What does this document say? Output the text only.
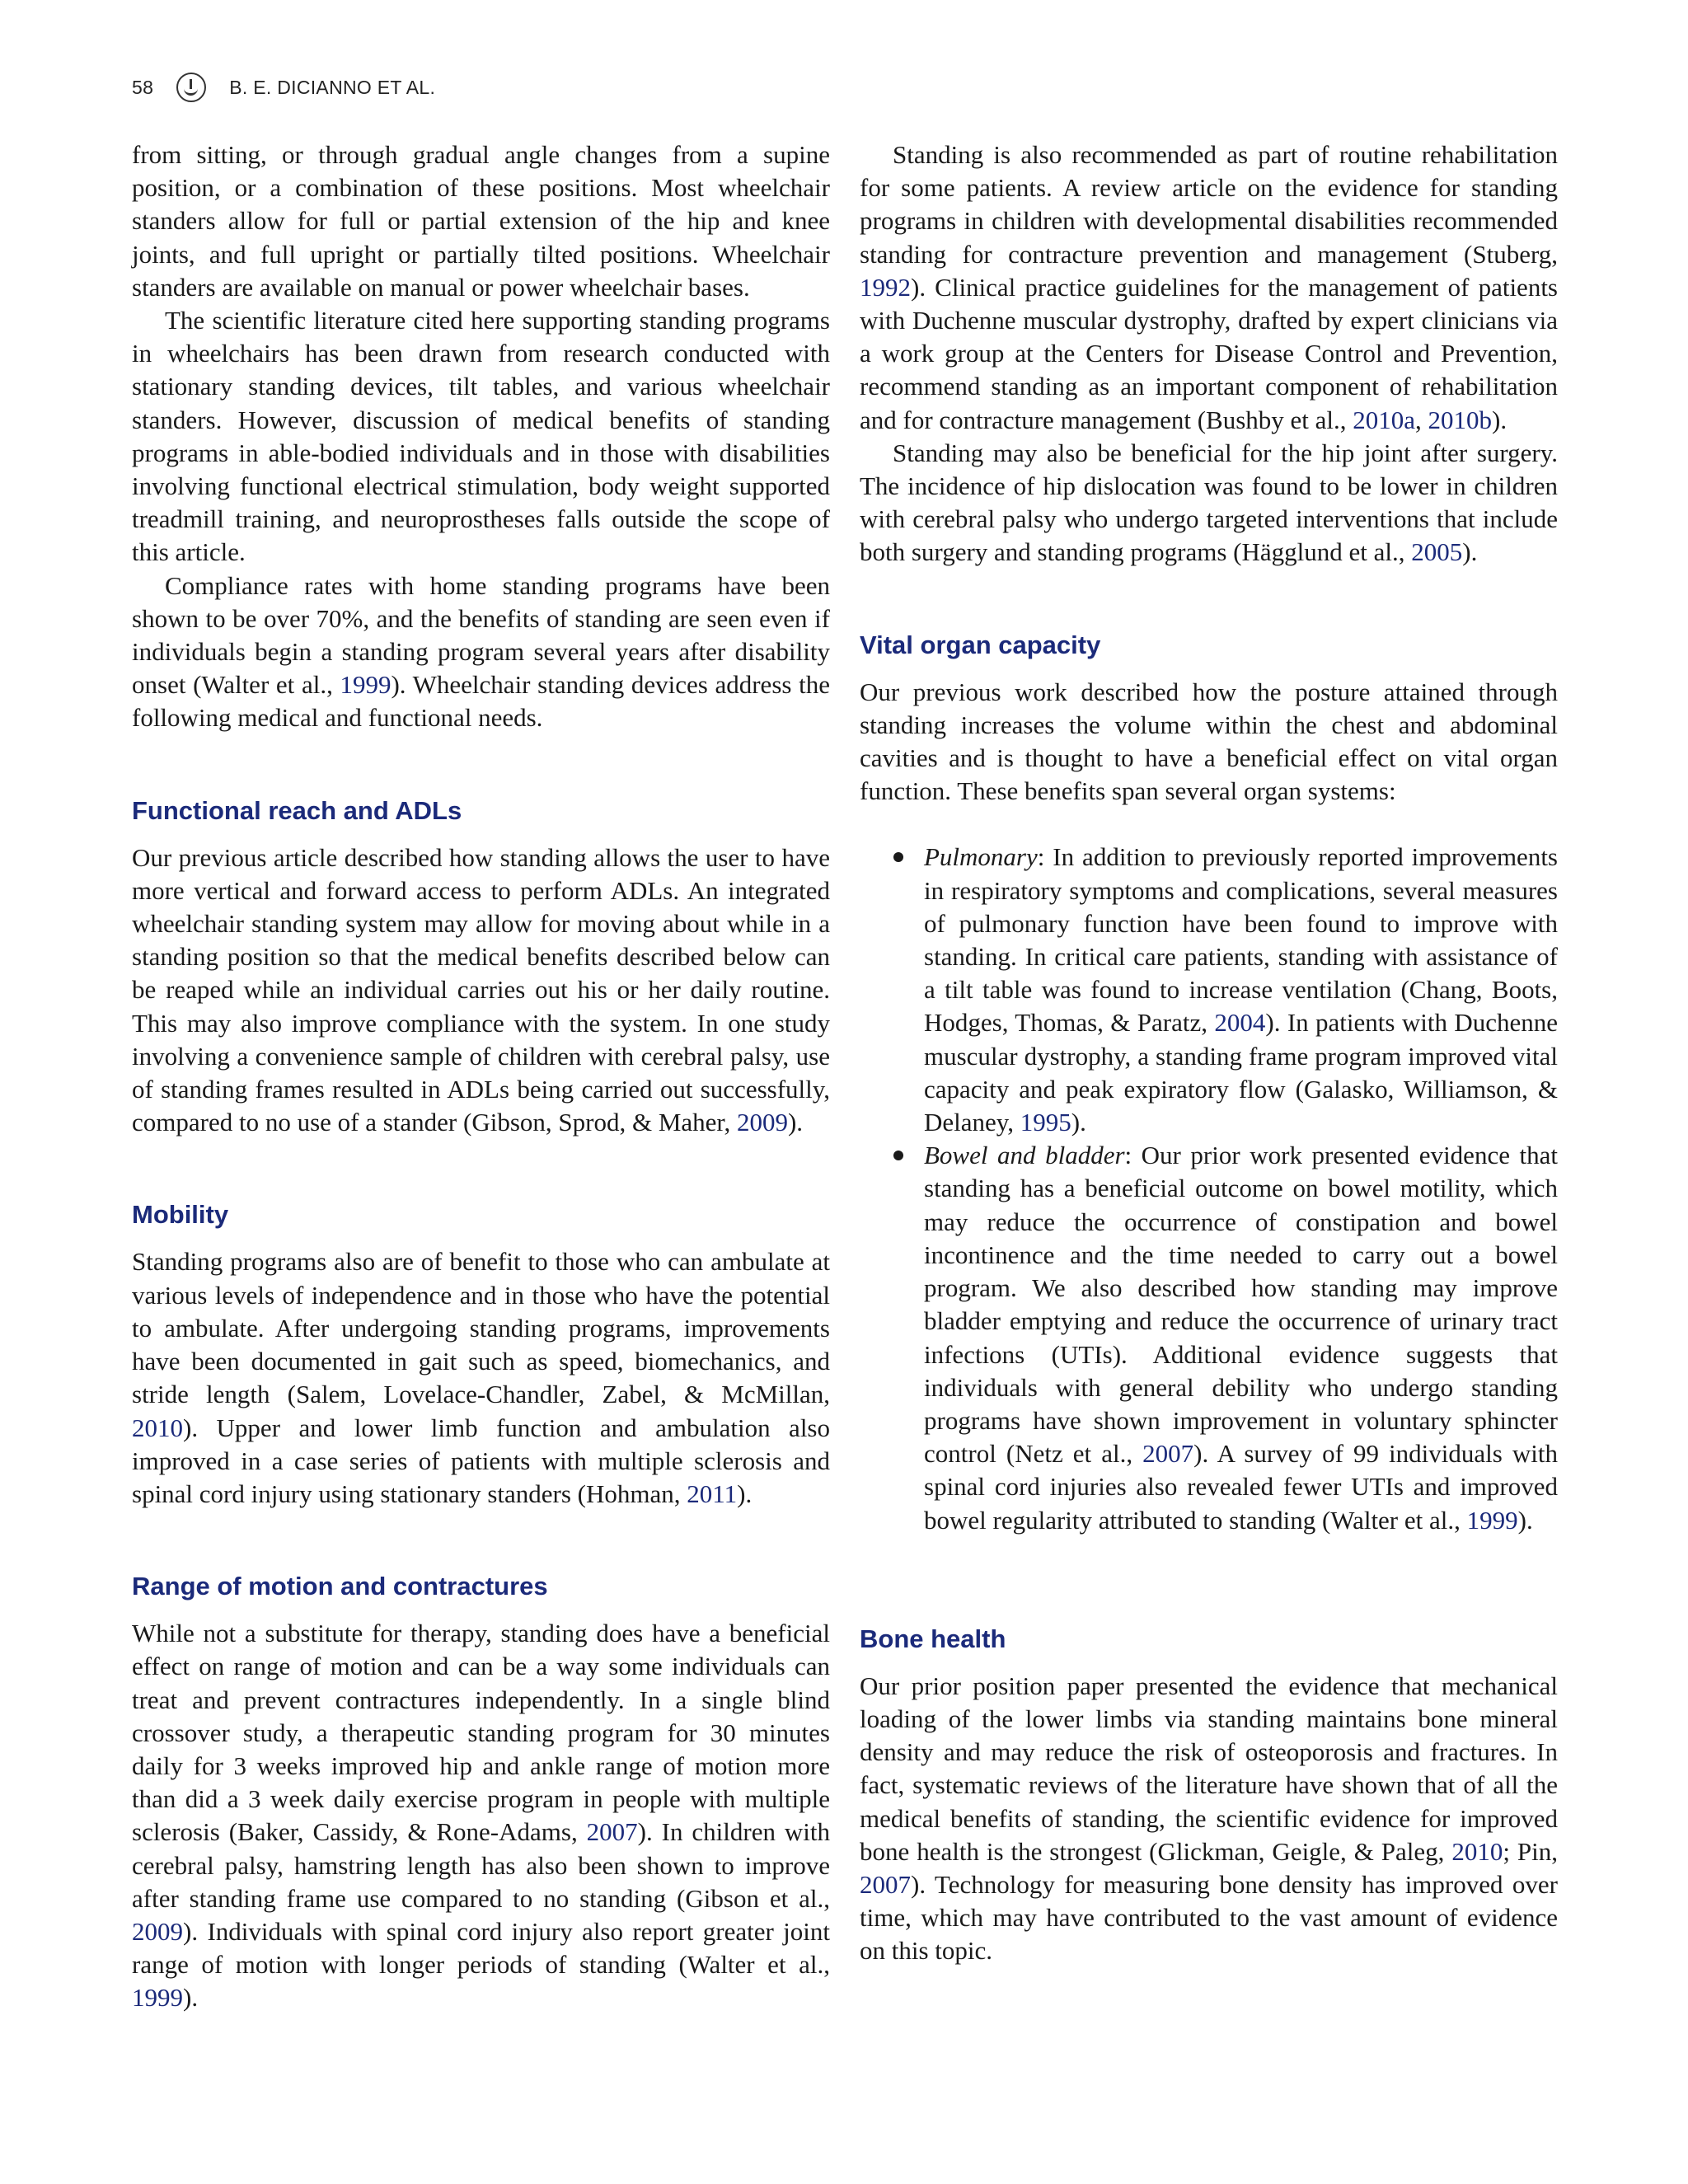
58	B. E. DICIANNO ET AL.

from sitting, or through gradual angle changes from a supine position, or a combination of these positions. Most wheelchair standers allow for full or partial extension of the hip and knee joints, and full upright or partially tilted positions. Wheelchair standers are available on manual or power wheelchair bases.

The scientific literature cited here supporting standing programs in wheelchairs has been drawn from research conducted with stationary standing devices, tilt tables, and various wheelchair standers. However, discussion of medical benefits of standing programs in able-bodied individuals and in those with disabilities involving functional electrical stimulation, body weight supported treadmill training, and neuroprostheses falls outside the scope of this article.

Compliance rates with home standing programs have been shown to be over 70%, and the benefits of standing are seen even if individuals begin a standing program several years after disability onset (Walter et al., 1999). Wheelchair standing devices address the following medical and functional needs.

Functional reach and ADLs

Our previous article described how standing allows the user to have more vertical and forward access to perform ADLs. An integrated wheelchair standing system may allow for moving about while in a standing position so that the medical benefits described below can be reaped while an individual carries out his or her daily routine. This may also improve compliance with the system. In one study involving a convenience sample of children with cerebral palsy, use of standing frames resulted in ADLs being carried out successfully, compared to no use of a stander (Gibson, Sprod, & Maher, 2009).

Mobility

Standing programs also are of benefit to those who can ambulate at various levels of independence and in those who have the potential to ambulate. After undergoing standing programs, improvements have been documented in gait such as speed, biomechanics, and stride length (Salem, Lovelace-Chandler, Zabel, & McMillan, 2010). Upper and lower limb function and ambulation also improved in a case series of patients with multiple sclerosis and spinal cord injury using stationary standers (Hohman, 2011).

Range of motion and contractures

While not a substitute for therapy, standing does have a beneficial effect on range of motion and can be a way some individuals can treat and prevent contractures independently. In a single blind crossover study, a therapeutic standing program for 30 minutes daily for 3 weeks improved hip and ankle range of motion more than did a 3 week daily exercise program in people with multiple sclerosis (Baker, Cassidy, & Rone-Adams, 2007). In children with cerebral palsy, hamstring length has also been shown to improve after standing frame use compared to no standing (Gibson et al., 2009). Individuals with spinal cord injury also report greater joint range of motion with longer periods of standing (Walter et al., 1999).

Standing is also recommended as part of routine rehabilitation for some patients. A review article on the evidence for standing programs in children with developmental disabilities recommended standing for contracture prevention and management (Stuberg, 1992). Clinical practice guidelines for the management of patients with Duchenne muscular dystrophy, drafted by expert clinicians via a work group at the Centers for Disease Control and Prevention, recommend standing as an important component of rehabilitation and for contracture management (Bushby et al., 2010a, 2010b).

Standing may also be beneficial for the hip joint after surgery. The incidence of hip dislocation was found to be lower in children with cerebral palsy who undergo targeted interventions that include both surgery and standing programs (Hägglund et al., 2005).

Vital organ capacity

Our previous work described how the posture attained through standing increases the volume within the chest and abdominal cavities and is thought to have a beneficial effect on vital organ function. These benefits span several organ systems:

Pulmonary: In addition to previously reported improvements in respiratory symptoms and complications, several measures of pulmonary function have been found to improve with standing. In critical care patients, standing with assistance of a tilt table was found to increase ventilation (Chang, Boots, Hodges, Thomas, & Paratz, 2004). In patients with Duchenne muscular dystrophy, a standing frame program improved vital capacity and peak expiratory flow (Galasko, Williamson, & Delaney, 1995).
Bowel and bladder: Our prior work presented evidence that standing has a beneficial outcome on bowel motility, which may reduce the occurrence of constipation and bowel incontinence and the time needed to carry out a bowel program. We also described how standing may improve bladder emptying and reduce the occurrence of urinary tract infections (UTIs). Additional evidence suggests that individuals with general debility who undergo standing programs have shown improvement in voluntary sphincter control (Netz et al., 2007). A survey of 99 individuals with spinal cord injuries also revealed fewer UTIs and improved bowel regularity attributed to standing (Walter et al., 1999).
Bone health

Our prior position paper presented the evidence that mechanical loading of the lower limbs via standing maintains bone mineral density and may reduce the risk of osteoporosis and fractures. In fact, systematic reviews of the literature have shown that of all the medical benefits of standing, the scientific evidence for improved bone health is the strongest (Glickman, Geigle, & Paleg, 2010; Pin, 2007). Technology for measuring bone density has improved over time, which may have contributed to the vast amount of evidence on this topic.
